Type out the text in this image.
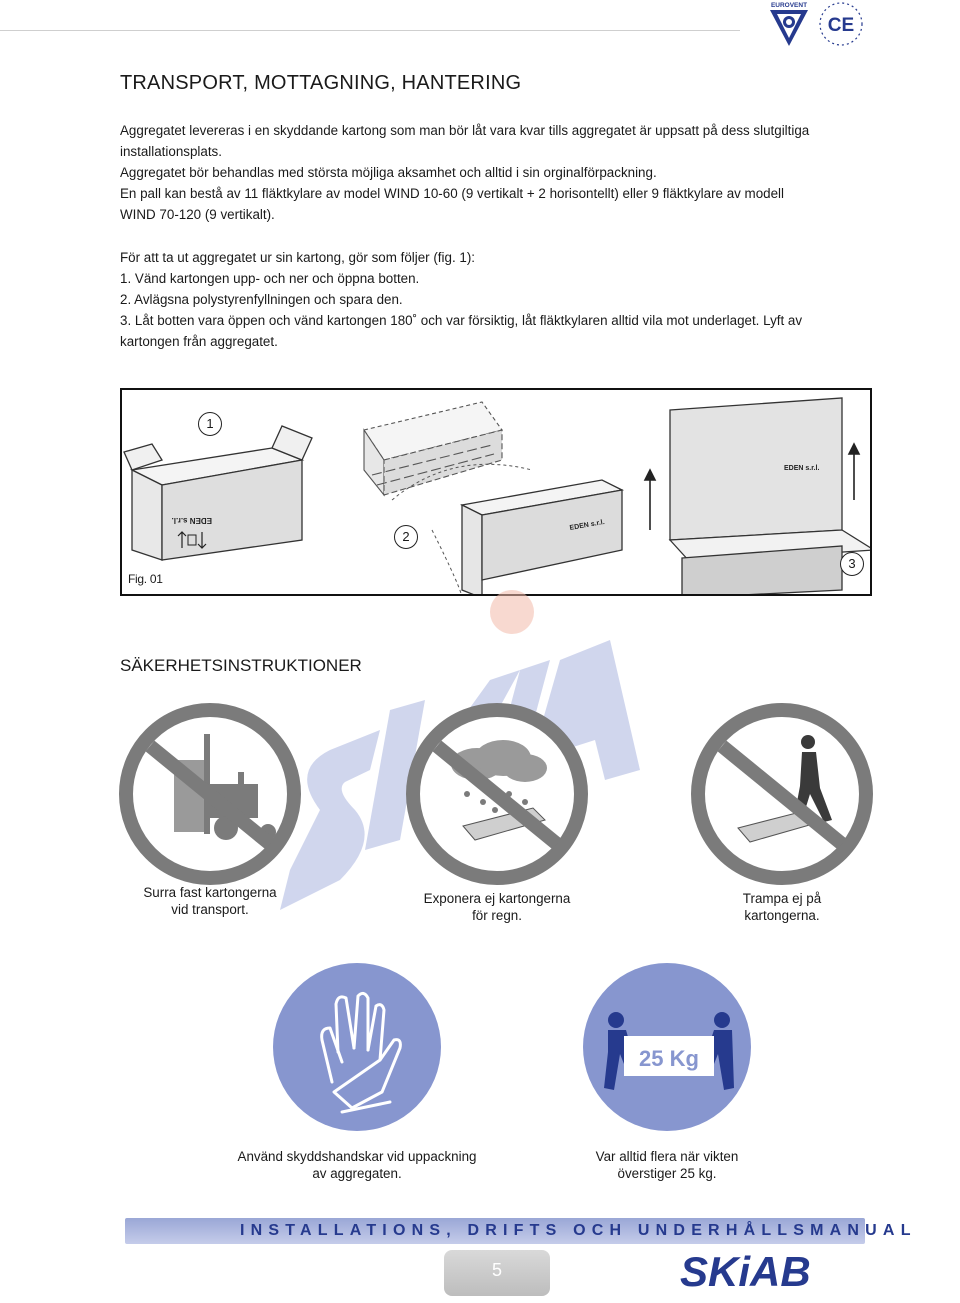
EUROVENT
CE
TRANSPORT, MOTTAGNING, HANTERING
Aggregatet levereras i en skyddande kartong som man bör låt vara kvar tills aggregatet är uppsatt på dess slutgiltiga
installationsplats.
Aggregatet bör behandlas med största möjliga aksamhet och alltid i sin orginalförpackning.
En pall kan bestå av 11 fläktkylare av model WIND 10-60 (9 vertikalt + 2 horisontellt) eller 9 fläktkylare av modell
WIND 70-120 (9 vertikalt).
För att ta ut aggregatet ur sin kartong, gör som följer (fig. 1):
1. Vänd kartongen upp- och ner och öppna botten.
2. Avlägsna polystyrenfyllningen och spara den.
3. Låt botten vara öppen och vänd kartongen 180˚ och var försiktig, låt fläktkylaren alltid vila mot underlaget. Lyft av
kartongen från aggregatet.
EDEN s.r.l.	EDEN s.r.l.
EDEN s.r.l.
1
2
3
Fig. 01
SÄKERHETSINSTRUKTIONER
Surra fast kartongerna
vid transport.
Exponera ej kartongerna
för regn.
Trampa ej på
kartongerna.
25 Kg
Använd skyddshandskar vid uppackning
av aggregaten.
Var alltid flera när vikten
överstiger 25 kg.
INSTALLATIONS, DRIFTS OCH UNDERHÅLLSMANUAL
5	SKiAB
